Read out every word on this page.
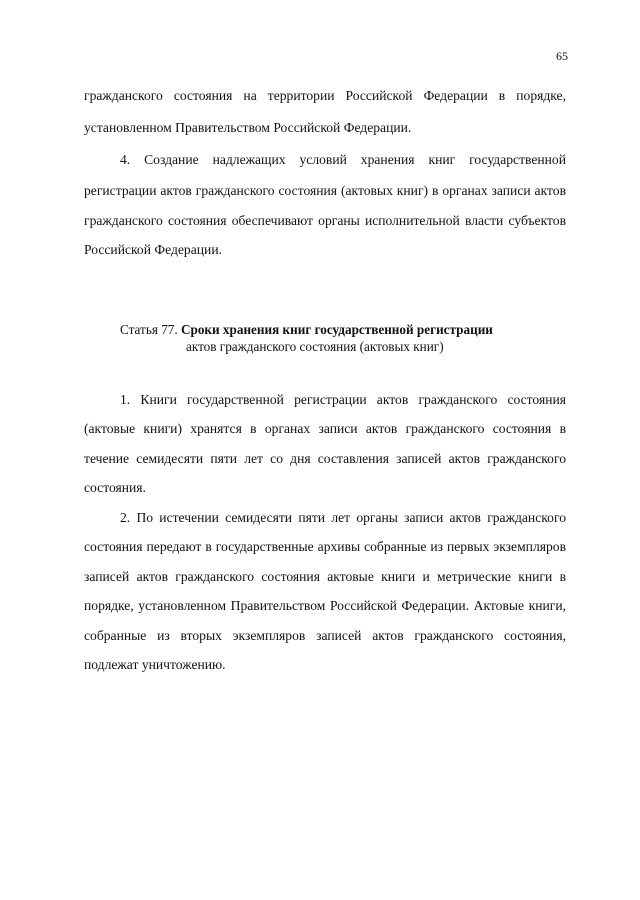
65
гражданского состояния на территории Российской Федерации в порядке,
установленном Правительством Российской Федерации.
4. Создание надлежащих условий хранения книг государственной
регистрации актов гражданского состояния (актовых книг) в органах записи актов
гражданского состояния обеспечивают органы исполнительной власти субъектов
Российской Федерации.
Статья 77. Сроки хранения книг государственной регистрации
актов гражданского состояния (актовых книг)
1. Книги государственной регистрации актов гражданского состояния
(актовые книги) хранятся в органах записи актов гражданского состояния в
течение семидесяти пяти лет со дня составления записей актов гражданского
состояния.
2. По истечении семидесяти пяти лет органы записи актов гражданского
состояния передают в государственные архивы собранные из первых экземпляров
записей актов гражданского состояния актовые книги и метрические книги в
порядке, установленном Правительством Российской Федерации. Актовые книги,
собранные из вторых экземпляров записей актов гражданского состояния,
подлежат уничтожению.
